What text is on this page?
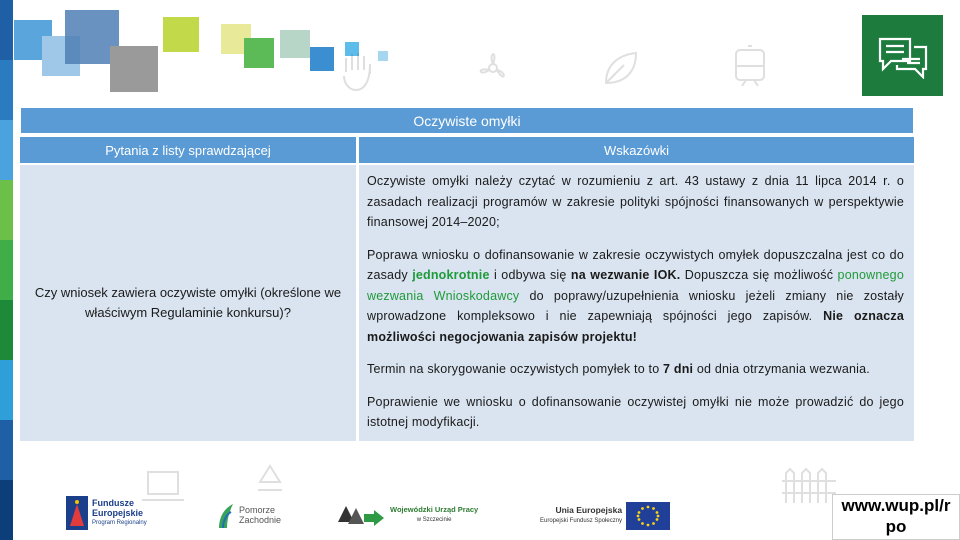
Oczywiste omyłki
Pytania z listy sprawdzającej	Wskazówki
Czy wniosek zawiera oczywiste omyłki (określone we właściwym Regulaminie konkursu)?

Oczywiste omyłki należy czytać w rozumieniu z art. 43 ustawy z dnia 11 lipca 2014 r. o zasadach realizacji programów w zakresie polityki spójności finansowanych w perspektywie finansowej 2014–2020;

Poprawa wniosku o dofinansowanie w zakresie oczywistych omyłek dopuszczalna jest co do zasady jednokrotnie i odbywa się na wezwanie IOK. Dopuszcza się możliwość ponownego wezwania Wnioskodawcy do poprawy/uzupełnienia wniosku jeżeli zmiany nie zostały wprowadzone kompleksowo i nie zapewniają spójności jego zapisów. Nie oznacza możliwości negocjowania zapisów projektu!

Termin na skorygowanie oczywistych pomyłek to to 7 dni od dnia otrzymania wezwania.

Poprawienie we wniosku o dofinansowanie oczywistej omyłki nie może prowadzić do jego istotnej modyfikacji.

Fundusze
Europejskie
Program Regionalny
Pomorze
Zachodnie
Wojewódzki Urząd Pracy
w Szczecinie
Unia Europejska
Europejski Fundusz Społeczny
www.wup.pl/r
po
